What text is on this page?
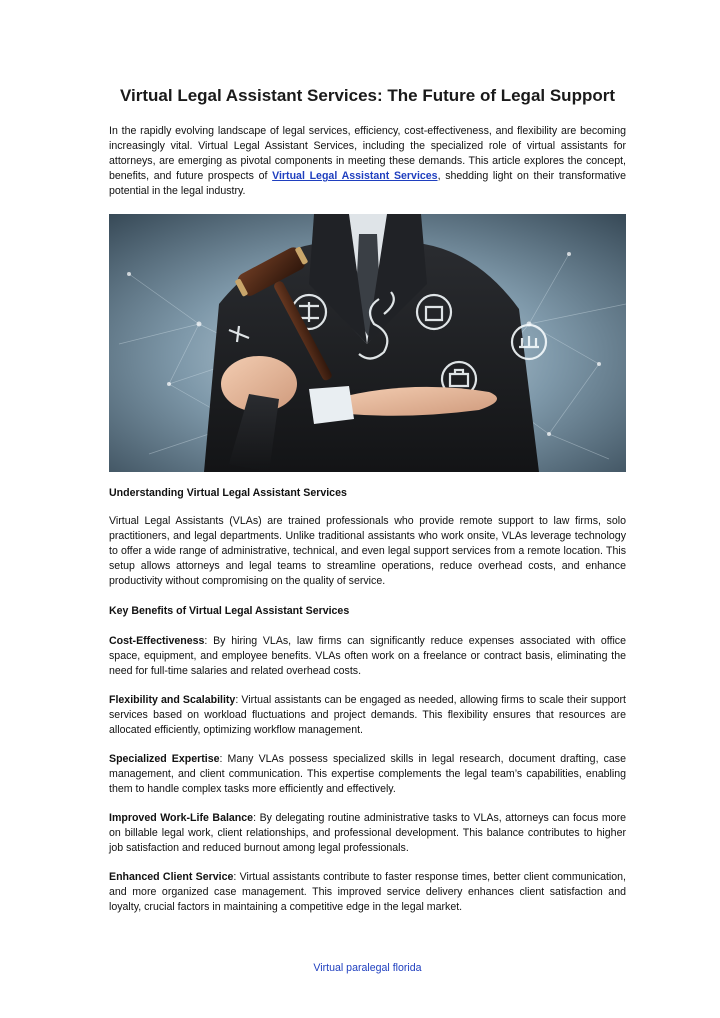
Virtual Legal Assistant Services: The Future of Legal Support

In the rapidly evolving landscape of legal services, efficiency, cost-effectiveness, and flexibility are becoming increasingly vital. Virtual Legal Assistant Services, including the specialized role of virtual assistants for attorneys, are emerging as pivotal components in meeting these demands. This article explores the concept, benefits, and future prospects of Virtual Legal Assistant Services, shedding light on their transformative potential in the legal industry.

Understanding Virtual Legal Assistant Services

Virtual Legal Assistants (VLAs) are trained professionals who provide remote support to law firms, solo practitioners, and legal departments. Unlike traditional assistants who work onsite, VLAs leverage technology to offer a wide range of administrative, technical, and even legal support services from a remote location. This setup allows attorneys and legal teams to streamline operations, reduce overhead costs, and enhance productivity without compromising on the quality of service.

Key Benefits of Virtual Legal Assistant Services

Cost-Effectiveness: By hiring VLAs, law firms can significantly reduce expenses associated with office space, equipment, and employee benefits. VLAs often work on a freelance or contract basis, eliminating the need for full-time salaries and related overhead costs.

Flexibility and Scalability: Virtual assistants can be engaged as needed, allowing firms to scale their support services based on workload fluctuations and project demands. This flexibility ensures that resources are allocated efficiently, optimizing workflow management.

Specialized Expertise: Many VLAs possess specialized skills in legal research, document drafting, case management, and client communication. This expertise complements the legal team’s capabilities, enabling them to handle complex tasks more efficiently and effectively.

Improved Work-Life Balance: By delegating routine administrative tasks to VLAs, attorneys can focus more on billable legal work, client relationships, and professional development. This balance contributes to higher job satisfaction and reduced burnout among legal professionals.

Enhanced Client Service: Virtual assistants contribute to faster response times, better client communication, and more organized case management. This improved service delivery enhances client satisfaction and loyalty, crucial factors in maintaining a competitive edge in the legal market.

Virtual paralegal florida
